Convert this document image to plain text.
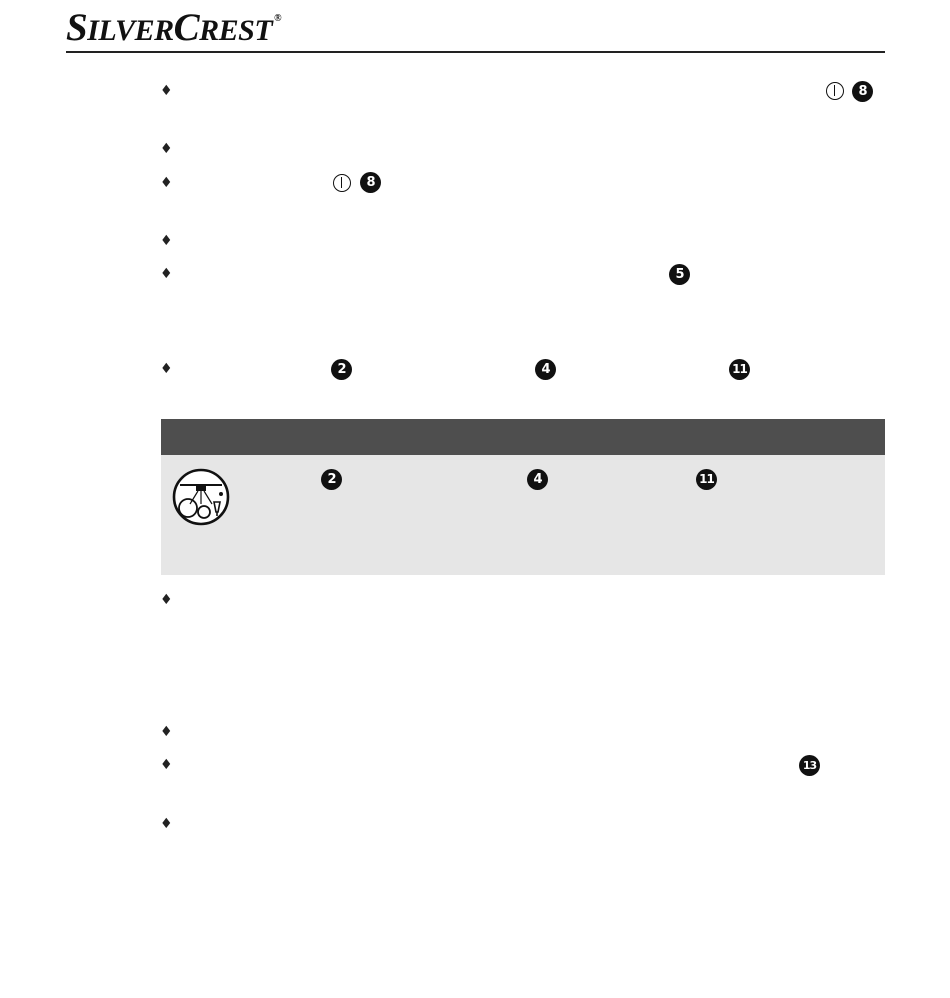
SILVERCREST ®
♦	8
♦
♦	8
♦
♦	5
♦	2	4	11
2	4	11
♦
♦
♦	13
♦
